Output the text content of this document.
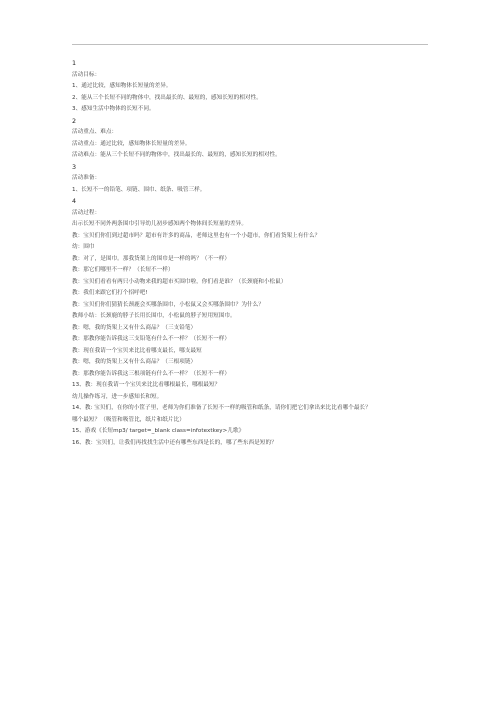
1
活动目标：
1、通过比较，感知物体长短量的差异。
2、能从三个长短不同的物体中，找出最长的、最短的，感知长短的相对性。
3、感知生活中物体的长短不同。
2
活动重点、难点：
活动重点：通过比较，感知物体长短量的差异。
活动难点：能从三个长短不同的物体中，找出最长的、最短的，感知长短的相对性。
3
活动准备：
1、长短不一的铅笔、项链、围巾、纸条、吸管三样。
4
活动过程：
出示长短不同外两条围巾引导幼儿初步感知两个物体间长短量的差异。
教：宝贝们你们到过超市吗？超市有许多的商品，老师这里也有一个小超市，你们看货架上有什么？
幼：围巾
教：对了，是围巾。那我货架上的围巾是一样的吗？（不一样）
教：那它们哪里不一样？（长短不一样）
教：宝贝们看看有两只小动物来我的超市买围巾啦，你们看是谁？（长颈鹿和小松鼠）
教：我们来跟它们打个招呼吧!
教：宝贝们你们猜猜长颈鹿会买哪条围巾，小松鼠又会买哪条围巾？为什么？
教师小结：长颈鹿的脖子长用长围巾，小松鼠的脖子短用短围巾。
教：嗯，我的货架上又有什么商品？（三支铅笔）
教：那教你能告诉我这三支铅笔有什么不一样？（长短不一样）
教：现在我请一个宝贝来比比看哪支最长，哪支最短
教：嗯，我的货架上又有什么商品？（三根项链）
教：那教你能告诉我这三根项链有什么不一样？（长短不一样）
13、教：现在我请一个宝贝来比比看哪根最长，哪根最短？
幼儿操作练习，进一步感知长和短。
14、教: 宝贝们，在你的小筐子里，老师为你们准备了长短不一样的吸管和纸条，请你们把它们拿出来比比看哪个最长？
哪个最短？（吸管和吸管比，纸片和纸片比）
15、游戏《长短mp3/ target=_blank class=infotextkey>儿歌》
16、教：宝贝们，让我们再找找生活中还有哪些东西是长的，哪了些东西是短的？
